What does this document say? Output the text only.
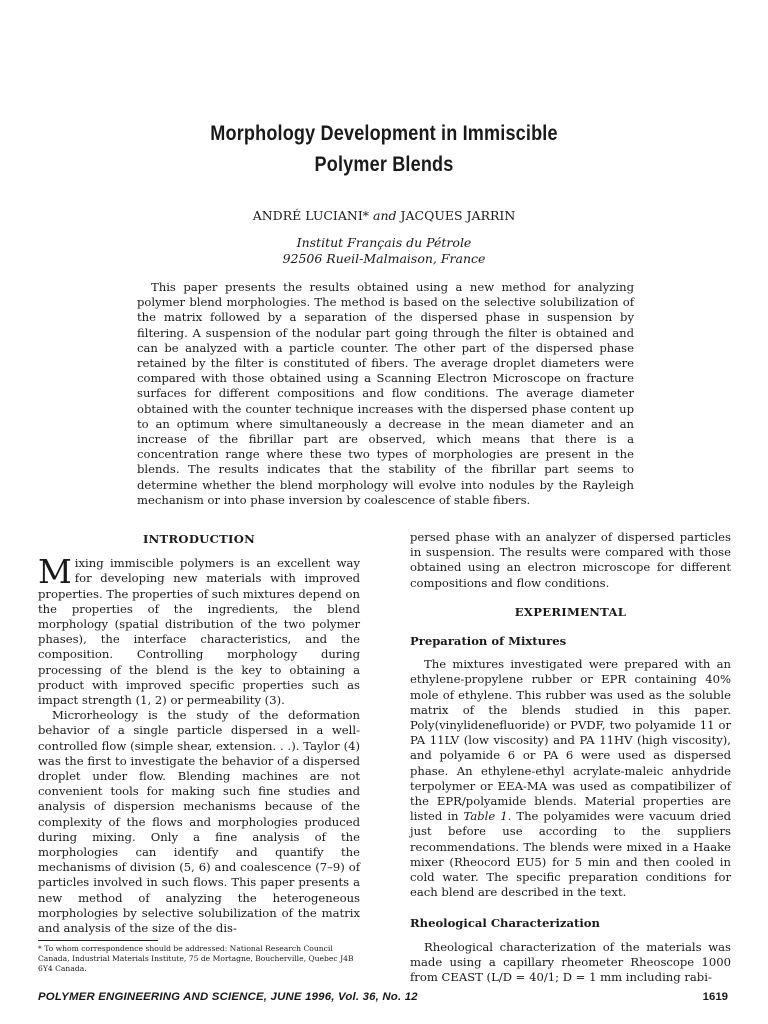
Morphology Development in Immiscible
Polymer Blends
ANDRÉ LUCIANI* and JACQUES JARRIN
Institut Français du Pétrole
92506 Rueil-Malmaison, France
This paper presents the results obtained using a new method for analyzing polymer blend morphologies. The method is based on the selective solubilization of the matrix followed by a separation of the dispersed phase in suspension by filtering. A suspension of the nodular part going through the filter is obtained and can be analyzed with a particle counter. The other part of the dispersed phase retained by the filter is constituted of fibers. The average droplet diameters were compared with those obtained using a Scanning Electron Microscope on fracture surfaces for different compositions and flow conditions. The average diameter obtained with the counter technique increases with the dispersed phase content up to an optimum where simultaneously a decrease in the mean diameter and an increase of the fibrillar part are observed, which means that there is a concentration range where these two types of morphologies are present in the blends. The results indicates that the stability of the fibrillar part seems to determine whether the blend morphology will evolve into nodules by the Rayleigh mechanism or into phase inversion by coalescence of stable fibers.
INTRODUCTION

Mixing immiscible polymers is an excellent way for developing new materials with improved properties. The properties of such mixtures depend on the properties of the ingredients, the blend morphology (spatial distribution of the two polymer phases), the interface characteristics, and the composition. Controlling morphology during processing of the blend is the key to obtaining a product with improved specific properties such as impact strength (1, 2) or permeability (3).

Microrheology is the study of the deformation behavior of a single particle dispersed in a well-controlled flow (simple shear, extension. . .). Taylor (4) was the first to investigate the behavior of a dispersed droplet under flow. Blending machines are not convenient tools for making such fine studies and analysis of dispersion mechanisms because of the complexity of the flows and morphologies produced during mixing. Only a fine analysis of the morphologies can identify and quantify the mechanisms of division (5, 6) and coalescence (7–9) of particles involved in such flows. This paper presents a new method of analyzing the heterogeneous morphologies by selective solubilization of the matrix and analysis of the size of the dis-

persed phase with an analyzer of dispersed particles in suspension. The results were compared with those obtained using an electron microscope for different compositions and flow conditions.

EXPERIMENTAL
Preparation of Mixtures

The mixtures investigated were prepared with an ethylene-propylene rubber or EPR containing 40% mole of ethylene. This rubber was used as the soluble matrix of the blends studied in this paper. Poly(vinylidenefluoride) or PVDF, two polyamide 11 or PA 11LV (low viscosity) and PA 11HV (high viscosity), and polyamide 6 or PA 6 were used as dispersed phase. An ethylene-ethyl acrylate-maleic anhydride terpolymer or EEA-MA was used as compatibilizer of the EPR/polyamide blends. Material properties are listed in Table 1. The polyamides were vacuum dried just before use according to the suppliers recommendations. The blends were mixed in a Haake mixer (Rheocord EU5) for 5 min and then cooled in cold water. The specific preparation conditions for each blend are described in the text.

Rheological Characterization

Rheological characterization of the materials was made using a capillary rheometer Rheoscope 1000 from CEAST (L/D = 40/1; D = 1 mm including rabi-

* To whom correspondence should be addressed: National Research Council Canada, Industrial Materials Institute, 75 de Mortagne, Boucherville, Quebec J4B 6Y4 Canada.
POLYMER ENGINEERING AND SCIENCE, JUNE 1996, Vol. 36, No. 12	1619
